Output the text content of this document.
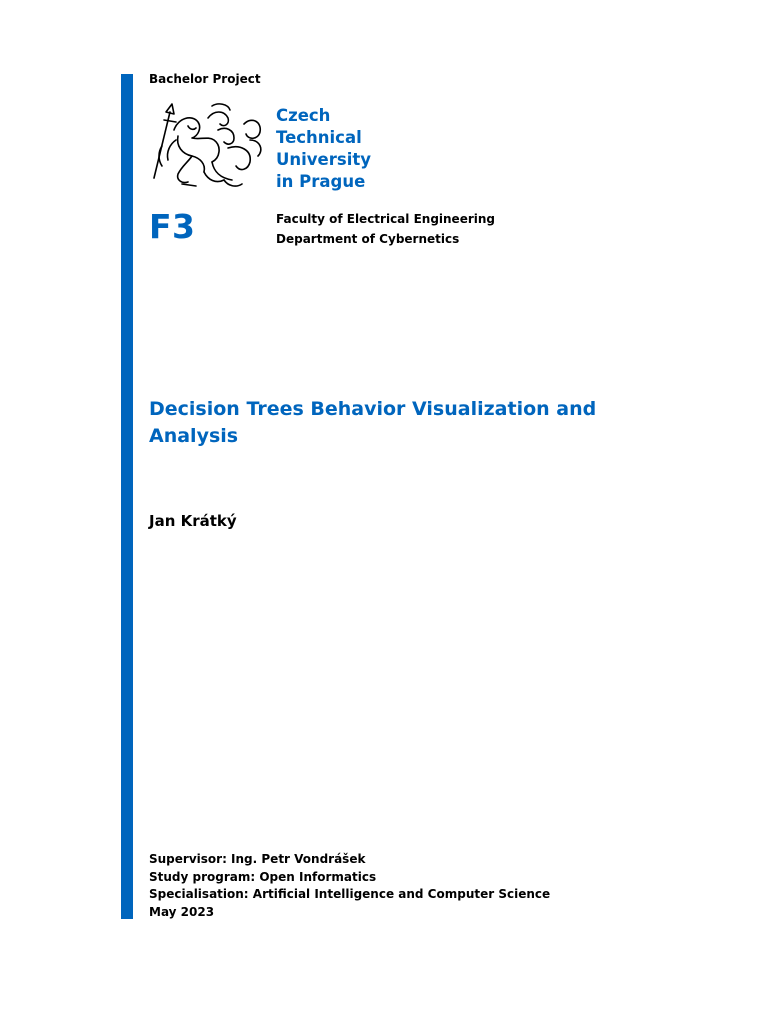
Bachelor Project
Czech
Technical
University
in Prague
F3	Faculty of Electrical Engineering
Department of Cybernetics
Decision Trees Behavior Visualization and Analysis
Jan Krátký
Supervisor: Ing. Petr Vondrášek
Study program: Open Informatics
Specialisation: Artificial Intelligence and Computer Science
May 2023
